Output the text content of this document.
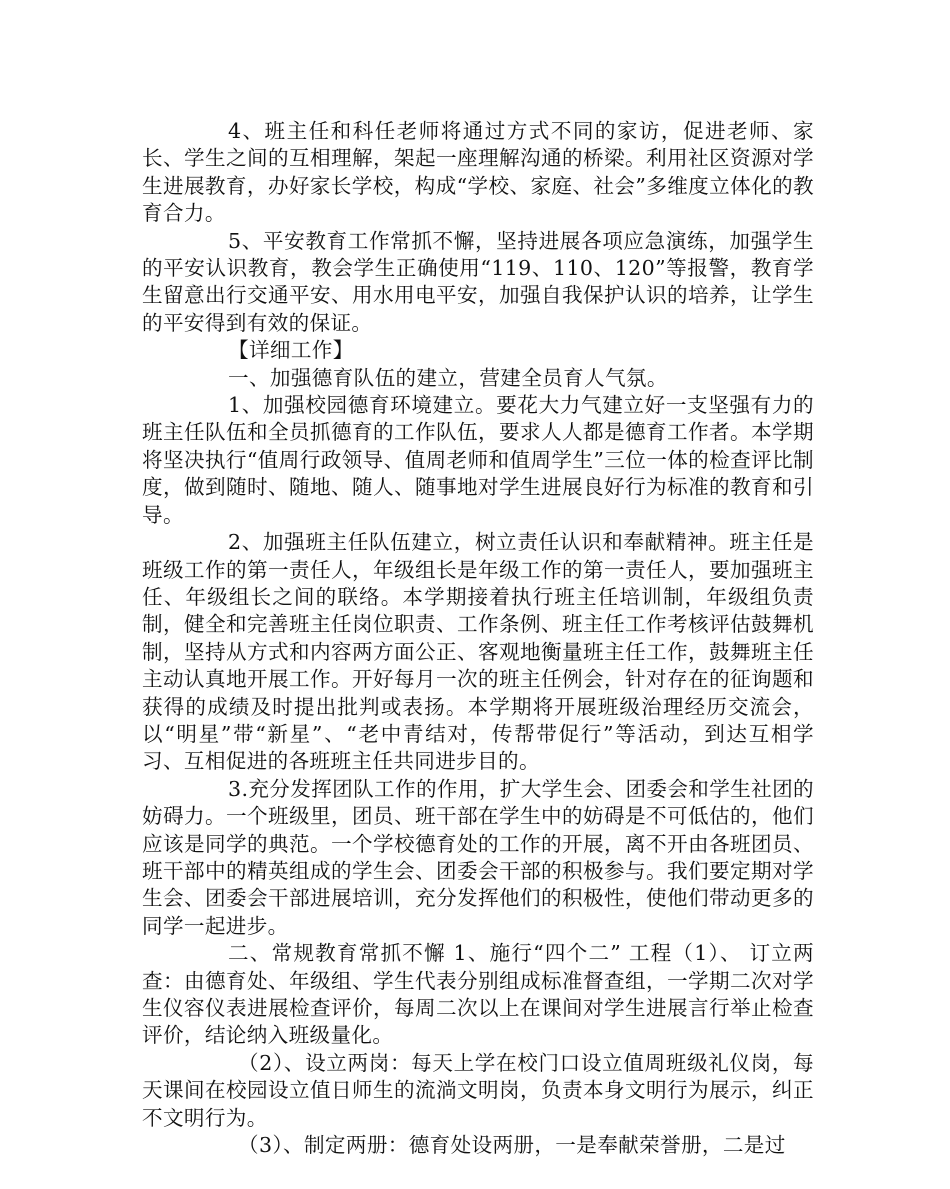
4、班主任和科任老师将通过方式不同的家访，促进老师、家长、学生之间的互相理解，架起一座理解沟通的桥梁。利用社区资源对学生进展教育，办好家长学校，构成“学校、家庭、社会”多维度立体化的教育合力。

5、平安教育工作常抓不懈，坚持进展各项应急演练，加强学生的平安认识教育，教会学生正确使用“119、110、120”等报警，教育学生留意出行交通平安、用水用电平安，加强自我保护认识的培养，让学生的平安得到有效的保证。

【详细工作】

一、加强德育队伍的建立，营建全员育人气氛。

1、加强校园德育环境建立。要花大力气建立好一支坚强有力的班主任队伍和全员抓德育的工作队伍，要求人人都是德育工作者。本学期将坚决执行“值周行政领导、值周老师和值周学生”三位一体的检查评比制度，做到随时、随地、随人、随事地对学生进展良好行为标准的教育和引导。

2、加强班主任队伍建立，树立责任认识和奉献精神。班主任是班级工作的第一责任人，年级组长是年级工作的第一责任人，要加强班主任、年级组长之间的联络。本学期接着执行班主任培训制，年级组负责制，健全和完善班主任岗位职责、工作条例、班主任工作考核评估鼓舞机制，坚持从方式和内容两方面公正、客观地衡量班主任工作，鼓舞班主任主动认真地开展工作。开好每月一次的班主任例会，针对存在的征询题和获得的成绩及时提出批判或表扬。本学期将开展班级治理经历交流会，以“明星”带“新星”、“老中青结对，传帮带促行”等活动，到达互相学习、互相促进的各班班主任共同进步目的。

3.充分发挥团队工作的作用，扩大学生会、团委会和学生社团的妨碍力。一个班级里，团员、班干部在学生中的妨碍是不可低估的，他们应该是同学的典范。一个学校德育处的工作的开展，离不开由各班团员、班干部中的精英组成的学生会、团委会干部的积极参与。我们要定期对学生会、团委会干部进展培训，充分发挥他们的积极性，使他们带动更多的同学一起进步。

二、常规教育常抓不懈 1、施行“四个二” 工程（1）、 订立两查：由德育处、年级组、学生代表分别组成标准督查组，一学期二次对学生仪容仪表进展检查评价，每周二次以上在课间对学生进展言行举止检查评价，结论纳入班级量化。

（2）、设立两岗：每天上学在校门口设立值周班级礼仪岗，每天课间在校园设立值日师生的流淌文明岗，负责本身文明行为展示，纠正不文明行为。

（3）、制定两册：德育处设两册，一是奉献荣誉册，二是过
